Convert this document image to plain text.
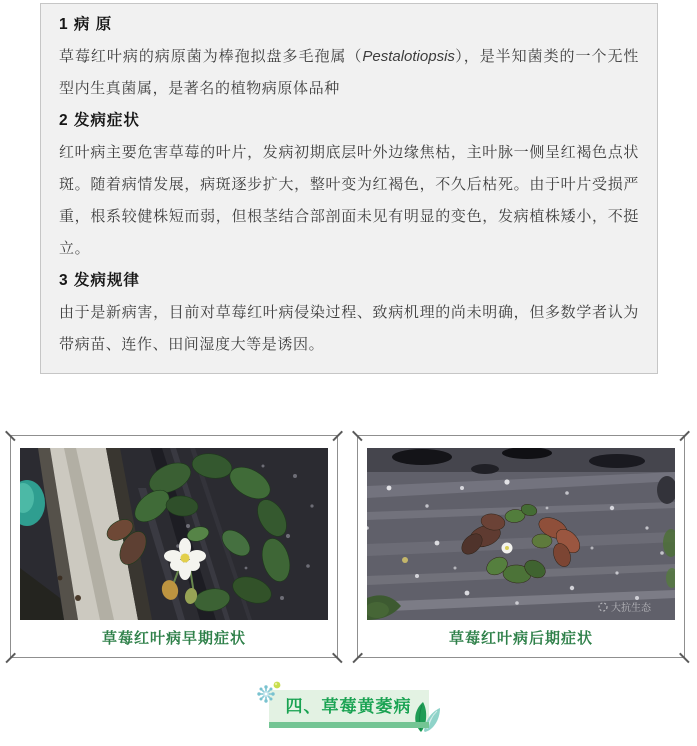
1 病 原

草莓红叶病的病原菌为棒孢拟盘多毛孢属（Pestalotiopsis），是半知菌类的一个无性型内生真菌属，是著名的植物病原体品种

2 发病症状

红叶病主要危害草莓的叶片，发病初期底层叶外边缘焦枯，主叶脉一侧呈红褐色点状斑。随着病情发展，病斑逐步扩大，整叶变为红褐色，不久后枯死。由于叶片受损严重，根系较健株短而弱，但根茎结合部剖面未见有明显的变色，发病植株矮小，不挺立。

3 发病规律

由于是新病害，目前对草莓红叶病侵染过程、致病机理的尚未明确，但多数学者认为带病苗、连作、田间湿度大等是诱因。

草莓红叶病早期症状
大抗生态
草莓红叶病后期症状
四、草莓黄萎病
